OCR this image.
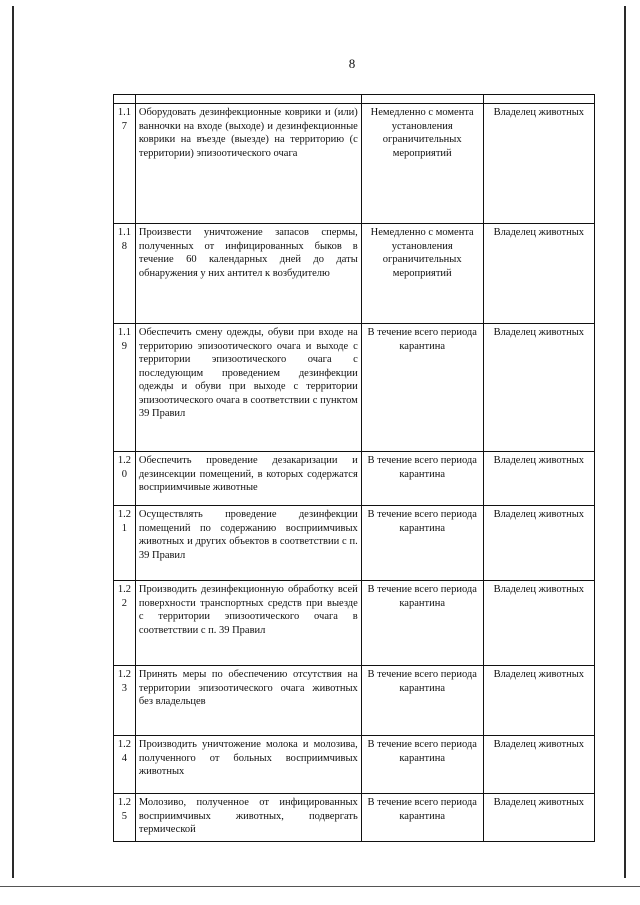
8

1.1
7	Оборудовать дезинфекционные коврики и (или) ванночки на входе (выходе) и дезинфекционные коврики на въезде (выезде) на территорию (с территории) эпизоотического очага	Немедленно с момента установления ограничительных мероприятий	Владелец животных

1.1
8	Произвести уничтожение запасов спермы, полученных от инфицированных быков в течение 60 календарных дней до даты обнаружения у них антител к возбудителю	Немедленно с момента установления ограничительных мероприятий	Владелец животных

1.1
9	Обеспечить смену одежды, обуви при входе на территорию эпизоотического очага и выходе с территории эпизоотического очага с последующим проведением дезинфекции одежды и обуви при выходе с территории эпизоотического очага в соответствии с пунктом 39 Правил	В течение всего периода карантина	Владелец животных

1.2
0	Обеспечить проведение дезакаризации и дезинсекции помещений, в которых содержатся восприимчивые животные	В течение всего периода карантина	Владелец животных

1.2
1	Осуществлять проведение дезинфекции помещений по содержанию восприимчивых животных и других объектов в соответствии с п. 39 Правил	В течение всего периода карантина	Владелец животных

1.2
2	Производить дезинфекционную обработку всей поверхности транспортных средств при выезде с территории эпизоотического очага в соответствии с п. 39 Правил	В течение всего периода карантина	Владелец животных

1.2
3	Принять меры по обеспечению отсутствия на территории эпизоотического очага животных без владельцев	В течение всего периода карантина	Владелец животных

1.2
4	Производить уничтожение молока и молозива, полученного от больных восприимчивых животных	В течение всего периода карантина	Владелец животных

1.2
5	Молозиво, полученное от инфицированных восприимчивых животных, подвергать термической	В течение всего периода карантина	Владелец животных
